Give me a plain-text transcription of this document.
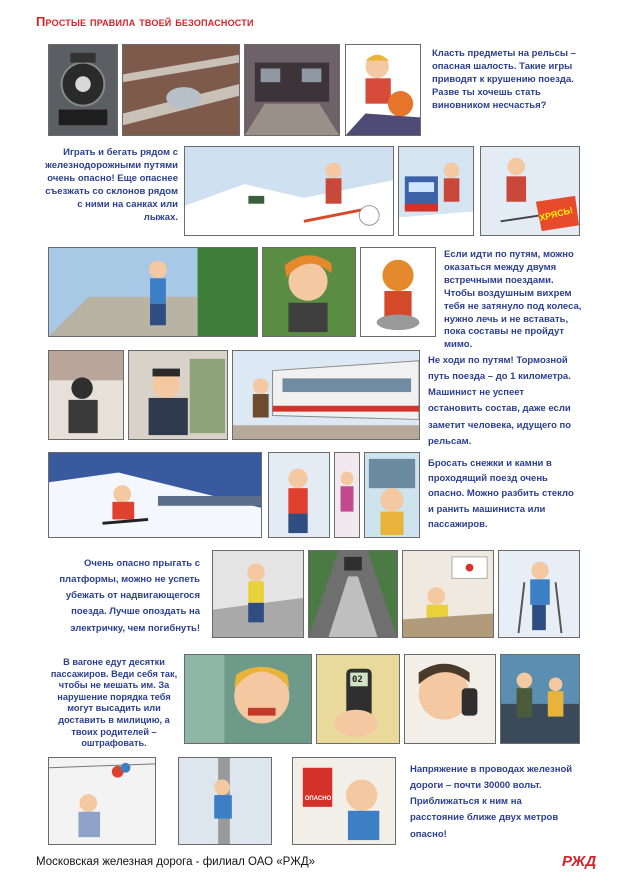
Простые правила твоей безопасности
Класть предметы на рельсы – опасная шалость. Такие игры приводят к крушению поезда. Разве ты хочешь стать виновником несчастья?
Играть и бегать рядом с железнодорожными путями очень опасно! Еще опаснее съезжать со склонов рядом с ними на санках или лыжах.	ХРЯСЬ!
Если идти по путям, можно оказаться между двумя встречными поездами. Чтобы воздушным вихрем тебя не затянуло под колеса, нужно лечь и не вставать, пока составы не пройдут мимо.
Не ходи по путям! Тормозной путь поезда – до 1 километра. Машинист не успеет остановить состав, даже если заметит человека, идущего по рельсам.
Бросать снежки и камни в проходящий поезд очень опасно. Можно разбить стекло и ранить машиниста или пассажиров.
Очень опасно прыгать с платформы, можно не успеть убежать от надвигающегося поезда. Лучше опоздать на электричку, чем погибнуть!
В вагоне едут десятки пассажиров. Веди себя так, чтобы не мешать им. За нарушение порядка тебя могут высадить или доставить в милицию, а твоих родителей – оштрафовать.
02
ОПАСНО
Напряжение в проводах железной дороги – почти 30000 вольт. Приближаться к ним на расстояние ближе двух метров опасно!
Московская железная дорога - филиал ОАО «РЖД»	РЖД
